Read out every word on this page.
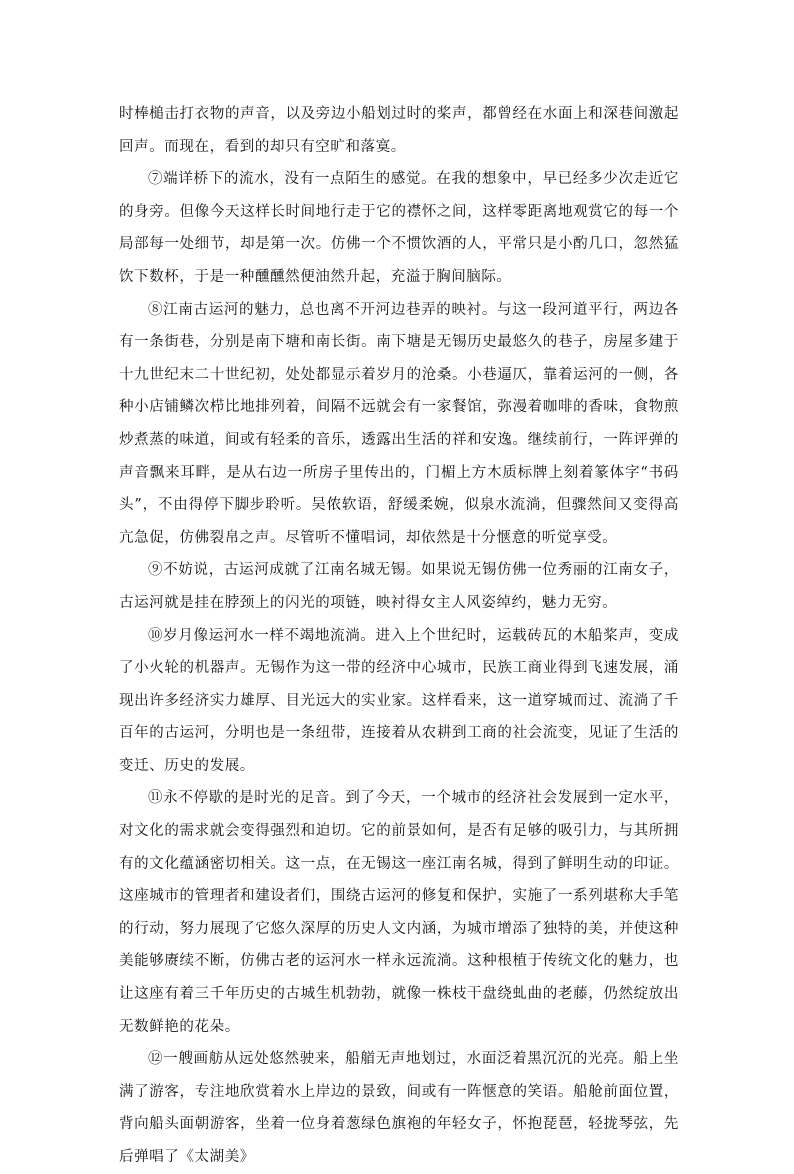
时棒槌击打衣物的声音，以及旁边小船划过时的桨声，都曾经在水面上和深巷间激起回声。而现在，看到的却只有空旷和落寞。

⑦端详桥下的流水，没有一点陌生的感觉。在我的想象中，早已经多少次走近它的身旁。但像今天这样长时间地行走于它的襟怀之间，这样零距离地观赏它的每一个局部每一处细节，却是第一次。仿佛一个不惯饮酒的人，平常只是小酌几口，忽然猛饮下数杯，于是一种醺醺然便油然升起，充溢于胸间脑际。

⑧江南古运河的魅力，总也离不开河边巷弄的映衬。与这一段河道平行，两边各有一条街巷，分别是南下塘和南长街。南下塘是无锡历史最悠久的巷子，房屋多建于十九世纪末二十世纪初，处处都显示着岁月的沧桑。小巷逼仄，靠着运河的一侧，各种小店铺鳞次栉比地排列着，间隔不远就会有一家餐馆，弥漫着咖啡的香味，食物煎炒煮蒸的味道，间或有轻柔的音乐，透露出生活的祥和安逸。继续前行，一阵评弹的声音飘来耳畔，是从右边一所房子里传出的，门楣上方木质标牌上刻着篆体字“书码头”，不由得停下脚步聆听。吴侬软语，舒缓柔婉，似泉水流淌，但骤然间又变得高亢急促，仿佛裂帛之声。尽管听不懂唱词，却依然是十分惬意的听觉享受。

⑨不妨说，古运河成就了江南名城无锡。如果说无锡仿佛一位秀丽的江南女子，古运河就是挂在脖颈上的闪光的项链，映衬得女主人风姿绰约，魅力无穷。

⑩岁月像运河水一样不竭地流淌。进入上个世纪时，运载砖瓦的木船桨声，变成了小火轮的机器声。无锡作为这一带的经济中心城市，民族工商业得到飞速发展，涌现出许多经济实力雄厚、目光远大的实业家。这样看来，这一道穿城而过、流淌了千百年的古运河，分明也是一条纽带，连接着从农耕到工商的社会流变，见证了生活的变迁、历史的发展。

⑪永不停歇的是时光的足音。到了今天，一个城市的经济社会发展到一定水平，对文化的需求就会变得强烈和迫切。它的前景如何，是否有足够的吸引力，与其所拥有的文化蕴涵密切相关。这一点，在无锡这一座江南名城，得到了鲜明生动的印证。这座城市的管理者和建设者们，围绕古运河的修复和保护，实施了一系列堪称大手笔的行动，努力展现了它悠久深厚的历史人文内涵，为城市增添了独特的美，并使这种美能够赓续不断，仿佛古老的运河水一样永远流淌。这种根植于传统文化的魅力，也让这座有着三千年历史的古城生机勃勃，就像一株枝干盘绕虬曲的老藤，仍然绽放出无数鲜艳的花朵。

⑫一艘画舫从远处悠然驶来，船艏无声地划过，水面泛着黑沉沉的光亮。船上坐满了游客，专注地欣赏着水上岸边的景致，间或有一阵惬意的笑语。船舱前面位置，背向船头面朝游客，坐着一位身着葱绿色旗袍的年轻女子，怀抱琵琶，轻拢琴弦，先后弹唱了《太湖美》
